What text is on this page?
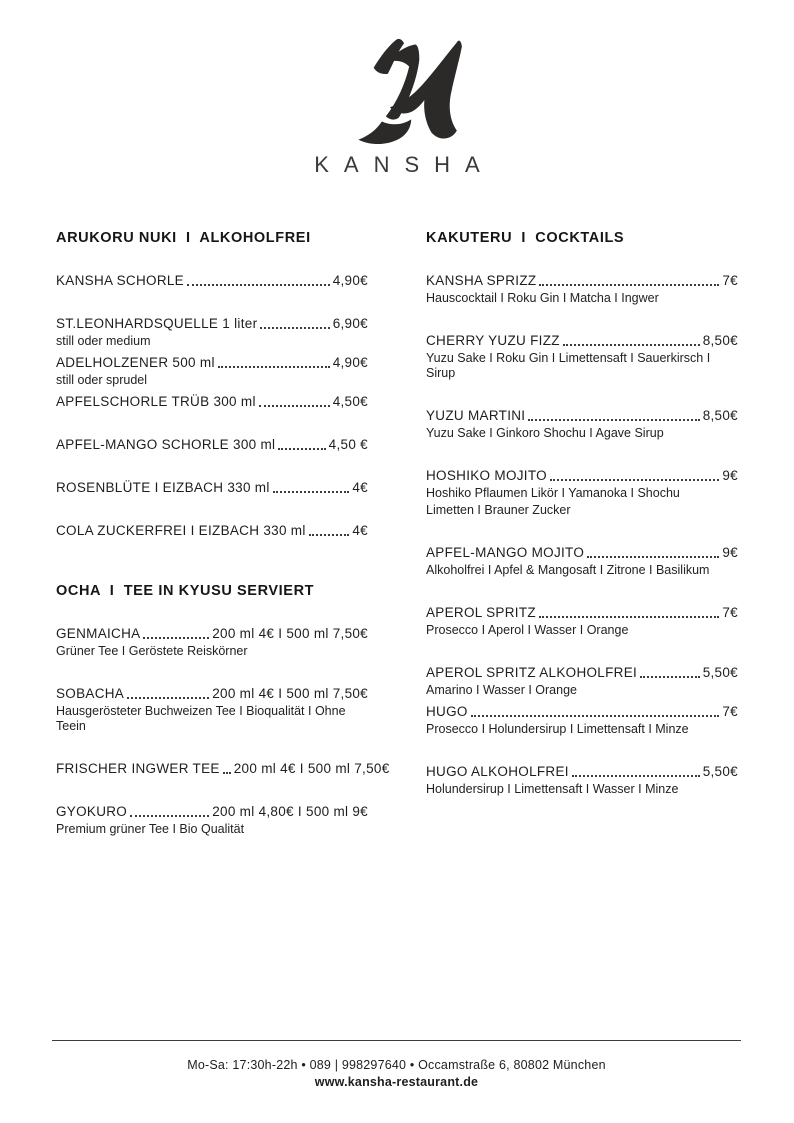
KANSHA
ARUKORU NUKI  I  ALKOHOLFREI
KANSHA SCHORLE	4,90€
ST.LEONHARDSQUELLE 1 liter	6,90€
still oder medium
ADELHOLZENER 500 ml	4,90€
still oder sprudel
APFELSCHORLE TRÜB 300 ml	4,50€
APFEL-MANGO SCHORLE 300 ml	4,50 €
ROSENBLÜTE I EIZBACH 330 ml	4€
COLA ZUCKERFREI I EIZBACH 330 ml	4€
OCHA  I  TEE IN KYUSU SERVIERT
GENMAICHA	200 ml 4€ I 500 ml 7,50€
Grüner Tee I Geröstete Reiskörner
SOBACHA	200 ml 4€ I 500 ml 7,50€
Hausgerösteter Buchweizen Tee I Bioqualität I Ohne Teein
FRISCHER INGWER TEE 200 ml 4€ I 500 ml 7,50€
GYOKURO	200 ml 4,80€ I 500 ml 9€
Premium grüner Tee I Bio Qualität
KAKUTERU  I  COCKTAILS
KANSHA SPRIZZ	7€
Hauscocktail I Roku Gin I Matcha I Ingwer
CHERRY YUZU FIZZ	8,50€
Yuzu Sake I Roku Gin I Limettensaft I Sauerkirsch I Sirup
YUZU MARTINI	8,50€
Yuzu Sake I Ginkoro Shochu I Agave Sirup
HOSHIKO MOJITO	9€
Hoshiko Pflaumen Likör I Yamanoka I Shochu
Limetten I Brauner Zucker
APFEL-MANGO MOJITO	9€
Alkoholfrei I Apfel & Mangosaft I Zitrone I Basilikum
APEROL SPRITZ	7€
Prosecco I Aperol I Wasser I Orange
APEROL SPRITZ ALKOHOLFREI	5,50€
Amarino I Wasser I Orange
HUGO	7€
Prosecco I Holundersirup I Limettensaft I Minze
HUGO ALKOHOLFREI	5,50€
Holundersirup I Limettensaft I Wasser I Minze
Mo-Sa: 17:30h-22h • 089 | 998297640 • Occamstraße 6, 80802 München
www.kansha-restaurant.de
